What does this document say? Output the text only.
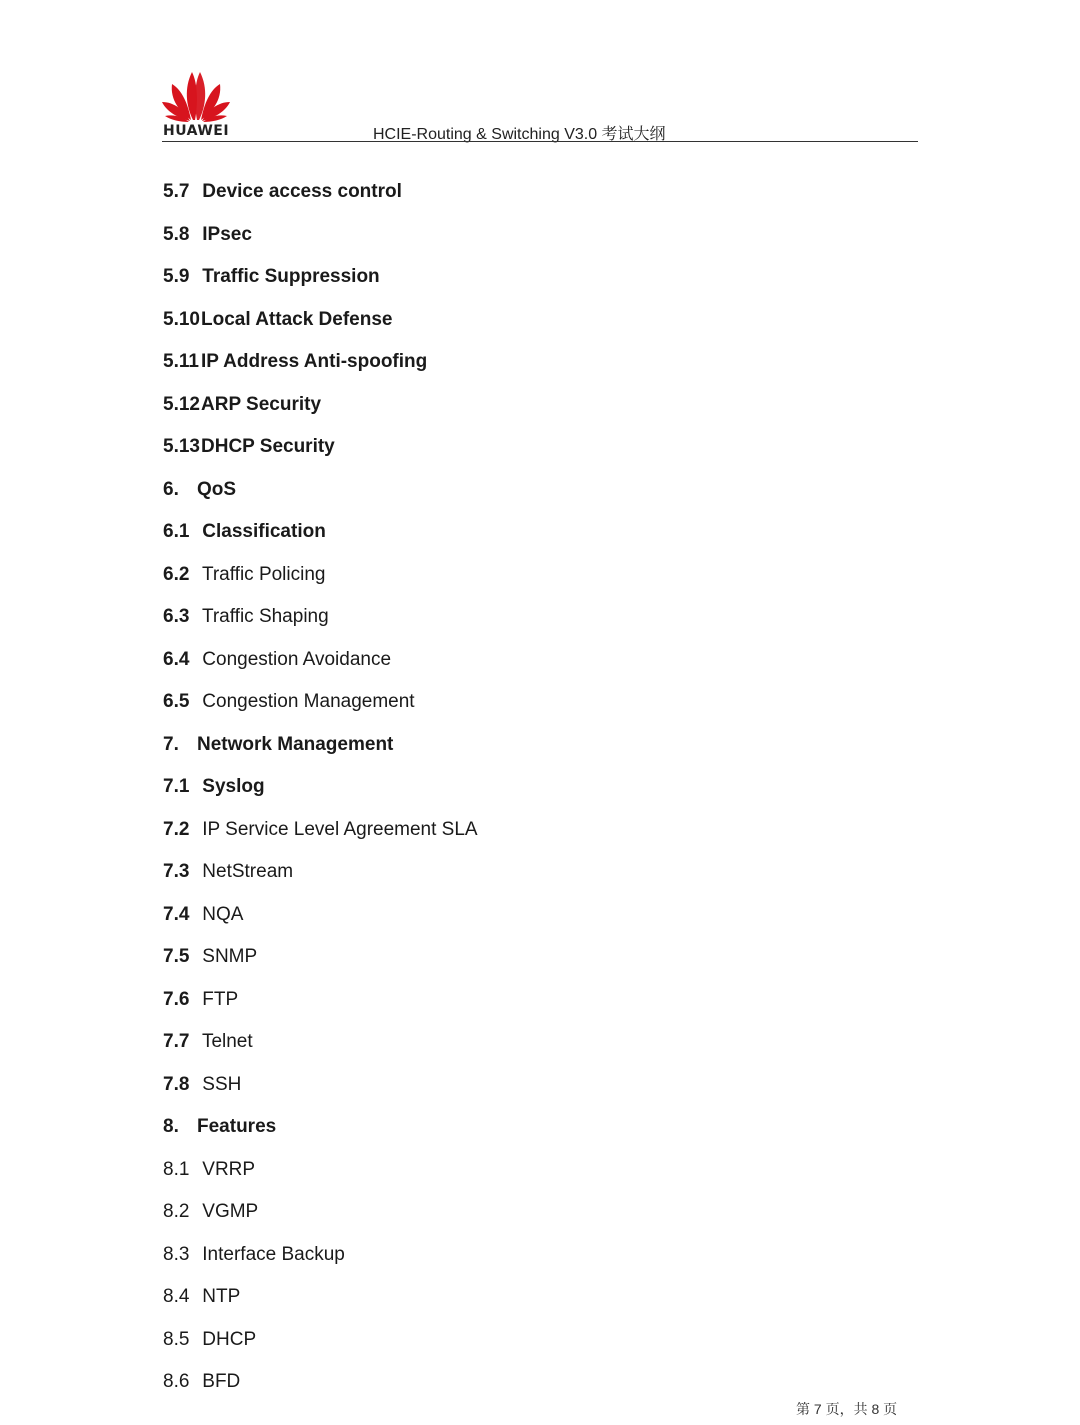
HUAWEI	HCIE-Routing & Switching V3.0 考试大纲
5.7 Device access control
5.8 IPsec
5.9 Traffic Suppression
5.10Local Attack Defense
5.11 IP Address Anti-spoofing
5.12ARP Security
5.13DHCP Security
6. QoS
6.1 Classification
6.2 Traffic Policing
6.3 Traffic Shaping
6.4 Congestion Avoidance
6.5 Congestion Management
7. Network Management
7.1 Syslog
7.2 IP Service Level Agreement SLA
7.3 NetStream
7.4 NQA
7.5 SNMP
7.6 FTP
7.7 Telnet
7.8 SSH
8. Features
8.1 VRRP
8.2 VGMP
8.3 Interface Backup
8.4 NTP
8.5 DHCP
8.6 BFD
第 7 页，共 8 页
